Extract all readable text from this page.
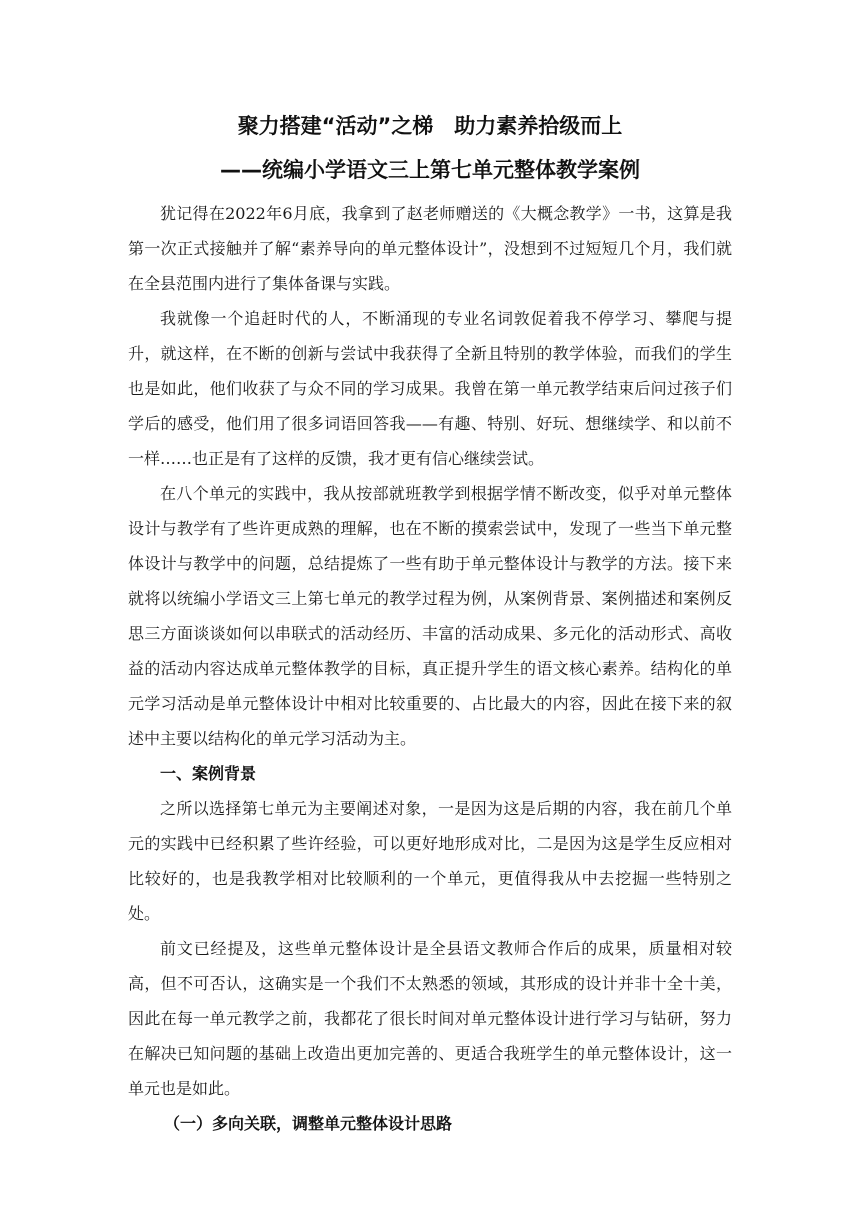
聚力搭建“活动”之梯　助力素养拾级而上
——统编小学语文三上第七单元整体教学案例

犹记得在2022年6月底，我拿到了赵老师赠送的《大概念教学》一书，这算是我第一次正式接触并了解“素养导向的单元整体设计”，没想到不过短短几个月，我们就在全县范围内进行了集体备课与实践。

我就像一个追赶时代的人，不断涌现的专业名词敦促着我不停学习、攀爬与提升，就这样，在不断的创新与尝试中我获得了全新且特别的教学体验，而我们的学生也是如此，他们收获了与众不同的学习成果。我曾在第一单元教学结束后问过孩子们学后的感受，他们用了很多词语回答我——有趣、特别、好玩、想继续学、和以前不一样……也正是有了这样的反馈，我才更有信心继续尝试。

在八个单元的实践中，我从按部就班教学到根据学情不断改变，似乎对单元整体设计与教学有了些许更成熟的理解，也在不断的摸索尝试中，发现了一些当下单元整体设计与教学中的问题，总结提炼了一些有助于单元整体设计与教学的方法。接下来就将以统编小学语文三上第七单元的教学过程为例，从案例背景、案例描述和案例反思三方面谈谈如何以串联式的活动经历、丰富的活动成果、多元化的活动形式、高收益的活动内容达成单元整体教学的目标，真正提升学生的语文核心素养。结构化的单元学习活动是单元整体设计中相对比较重要的、占比最大的内容，因此在接下来的叙述中主要以结构化的单元学习活动为主。

一、案例背景

之所以选择第七单元为主要阐述对象，一是因为这是后期的内容，我在前几个单元的实践中已经积累了些许经验，可以更好地形成对比，二是因为这是学生反应相对比较好的，也是我教学相对比较顺利的一个单元，更值得我从中去挖掘一些特别之处。

前文已经提及，这些单元整体设计是全县语文教师合作后的成果，质量相对较高，但不可否认，这确实是一个我们不太熟悉的领域，其形成的设计并非十全十美，因此在每一单元教学之前，我都花了很长时间对单元整体设计进行学习与钻研，努力在解决已知问题的基础上改造出更加完善的、更适合我班学生的单元整体设计，这一单元也是如此。

（一）多向关联，调整单元整体设计思路
